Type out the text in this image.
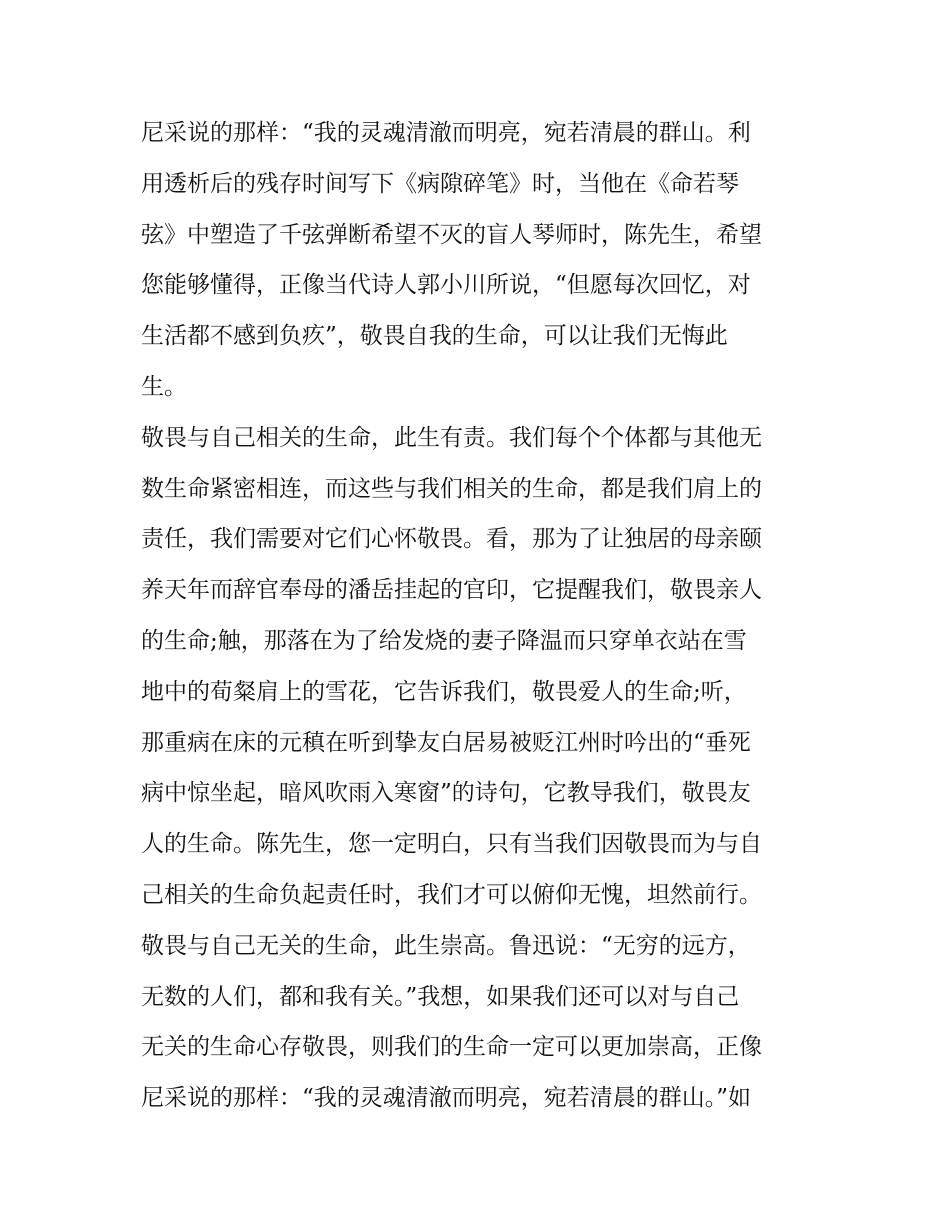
尼采说的那样：“我的灵魂清澈而明亮，宛若清晨的群山。利
用透析后的残存时间写下《病隙碎笔》时，当他在《命若琴
弦》中塑造了千弦弹断希望不灭的盲人琴师时，陈先生，希望
您能够懂得，正像当代诗人郭小川所说，“但愿每次回忆，对
生活都不感到负疚”，敬畏自我的生命，可以让我们无悔此
生。
敬畏与自己相关的生命，此生有责。我们每个个体都与其他无
数生命紧密相连，而这些与我们相关的生命，都是我们肩上的
责任，我们需要对它们心怀敬畏。看，那为了让独居的母亲颐
养天年而辞官奉母的潘岳挂起的官印，它提醒我们，敬畏亲人
的生命;触，那落在为了给发烧的妻子降温而只穿单衣站在雪
地中的荀粲肩上的雪花，它告诉我们，敬畏爱人的生命;听，
那重病在床的元稹在听到挚友白居易被贬江州时吟出的“垂死
病中惊坐起，暗风吹雨入寒窗”的诗句，它教导我们，敬畏友
人的生命。陈先生，您一定明白，只有当我们因敬畏而为与自
己相关的生命负起责任时，我们才可以俯仰无愧，坦然前行。
敬畏与自己无关的生命，此生崇高。鲁迅说：“无穷的远方，
无数的人们，都和我有关。”我想，如果我们还可以对与自己
无关的生命心存敬畏，则我们的生命一定可以更加崇高，正像
尼采说的那样：“我的灵魂清澈而明亮，宛若清晨的群山。”如
